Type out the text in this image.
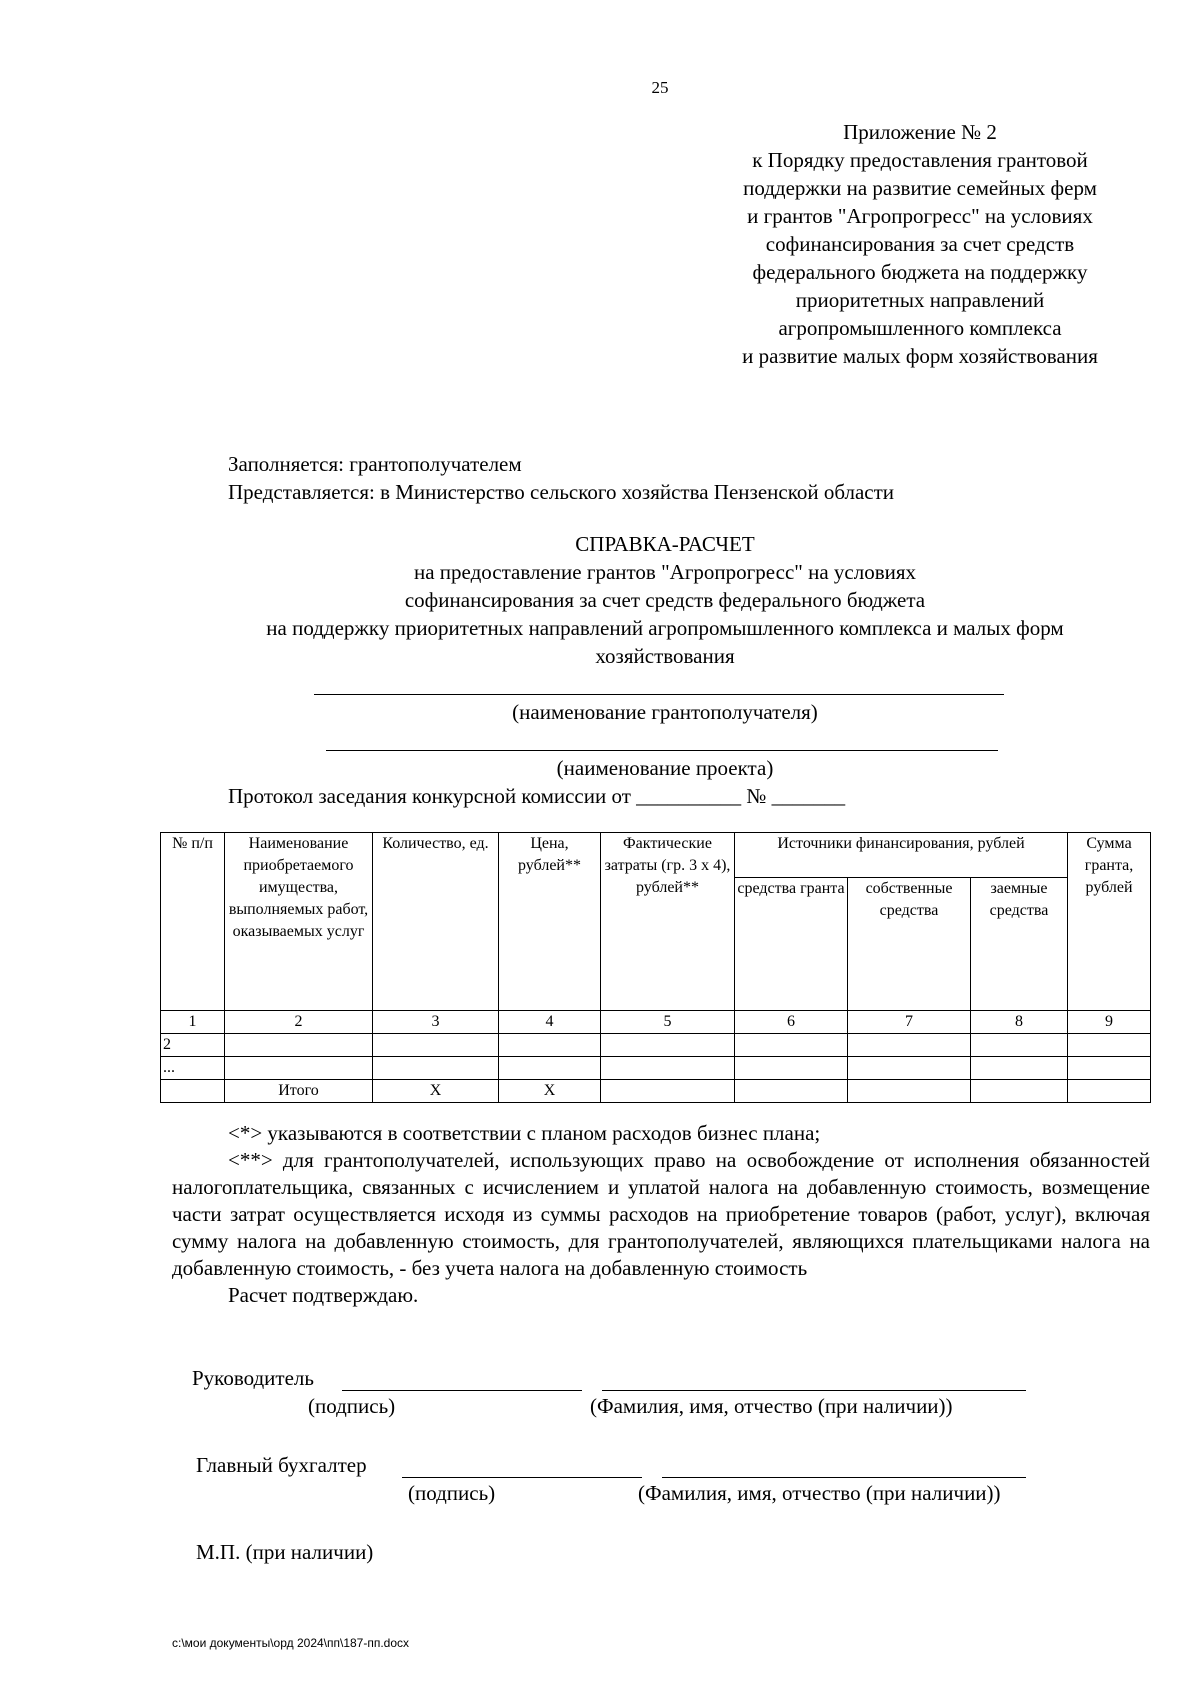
25
Приложение № 2
к Порядку предоставления грантовой
поддержки на развитие семейных ферм
и грантов "Агропрогресс" на условиях
софинансирования за счет средств
федерального бюджета на поддержку
приоритетных направлений
агропромышленного комплекса
и развитие малых форм хозяйствования
Заполняется: грантополучателем
Представляется: в Министерство сельского хозяйства Пензенской области
СПРАВКА-РАСЧЕТ
на предоставление грантов "Агропрогресс" на условиях
софинансирования за счет средств федерального бюджета
на поддержку приоритетных направлений агропромышленного комплекса и малых форм
хозяйствования
(наименование грантополучателя)
(наименование проекта)
Протокол заседания конкурсной комиссии от __________ № _______
№ п/п	Наименование приобретаемого имущества, выполняемых работ, оказываемых услуг	Количество, ед.	Цена, рублей**	Фактические затраты (гр. 3 х 4), рублей**	Источники финансирования, рублей			Сумма гранта, рублей
					средства гранта	собственные средства	заемные средства	
1	2	3	4	5	6	7	8	9
2								
...								
	Итого	Х	Х					

<*> указываются в соответствии с планом расходов бизнес плана;

<**> для грантополучателей, использующих право на освобождение от исполнения обязанностей налогоплательщика, связанных с исчислением и уплатой налога на добавленную стоимость, возмещение части затрат осуществляется исходя из суммы расходов на приобретение товаров (работ, услуг), включая сумму налога на добавленную стоимость, для грантополучателей, являющихся плательщиками налога на добавленную стоимость, - без учета налога на добавленную стоимость

Расчет подтверждаю.

Руководитель
(подпись)	(Фамилия, имя, отчество (при наличии))
Главный бухгалтер
(подпись)	(Фамилия, имя, отчество (при наличии))
М.П. (при наличии)
c:\мои документы\орд 2024\пп\187-пп.docx
